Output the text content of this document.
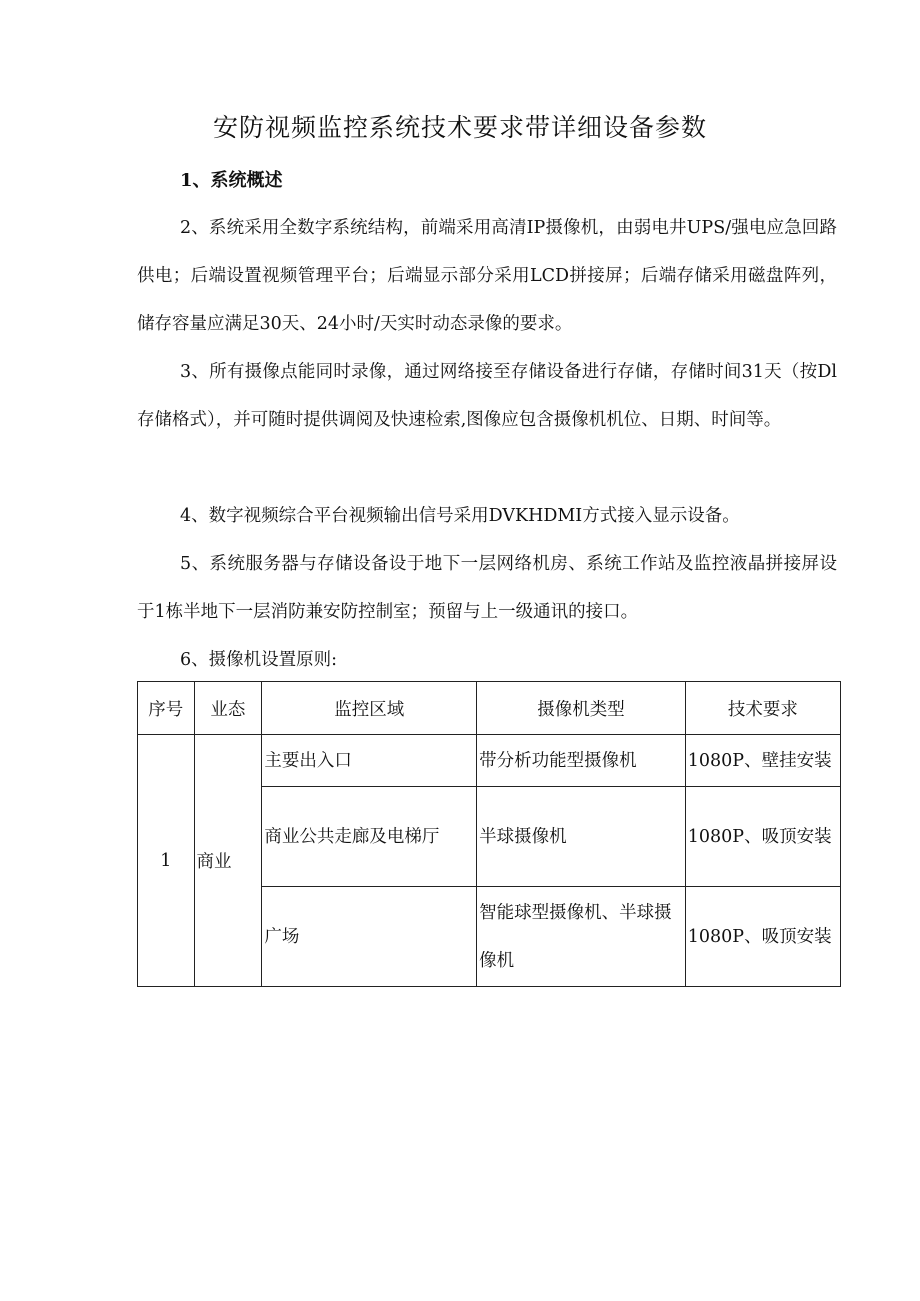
安防视频监控系统技术要求带详细设备参数
1、系统概述

2、系统采用全数字系统结构，前端采用高清IP摄像机，由弱电井UPS/强电应急回路供电；后端设置视频管理平台；后端显示部分采用LCD拼接屏；后端存储采用磁盘阵列，储存容量应满足30天、24小时/天实时动态录像的要求。

3、所有摄像点能同时录像，通过网络接至存储设备进行存储，存储时间31天（按Dl存储格式），并可随时提供调阅及快速检索,图像应包含摄像机机位、日期、时间等。

4、数字视频综合平台视频输出信号采用DVKHDMI方式接入显示设备。

5、系统服务器与存储设备设于地下一层网络机房、系统工作站及监控液晶拼接屏设于1栋半地下一层消防兼安防控制室；预留与上一级通讯的接口。

6、摄像机设置原则:

序号	业态	监控区域	摄像机类型	技术要求
1	商业	主要出入口	带分析功能型摄像机	1080P、壁挂安装
		商业公共走廊及电梯厅	半球摄像机	1080P、吸顶安装
		广场	智能球型摄像机、半球摄像机	1080P、吸顶安装
